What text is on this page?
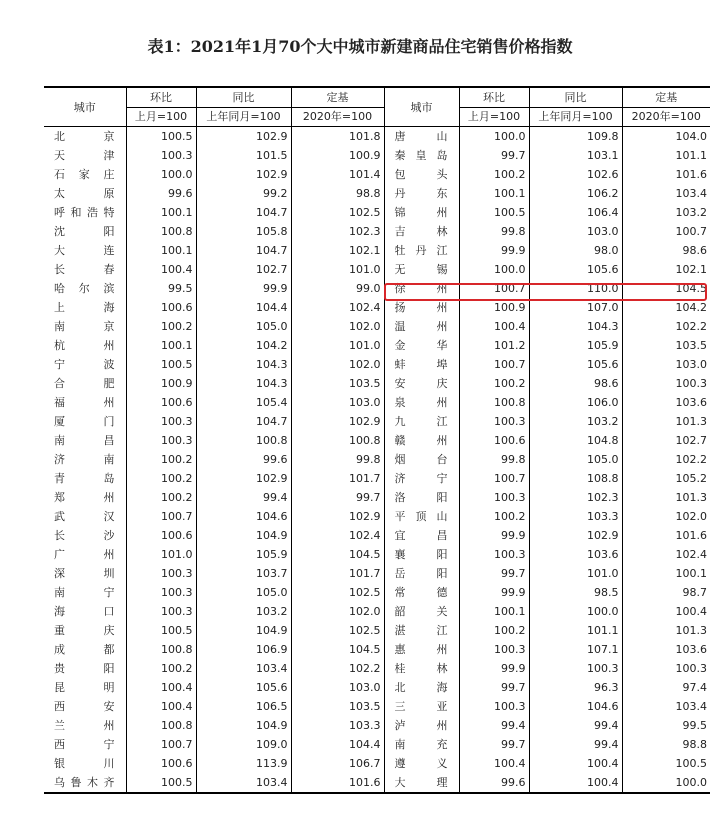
表1：2021年1月70个大中城市新建商品住宅销售价格指数
城市	环比	同比	定基	城市	环比	同比	定基
	上月=100	上年同月=100	2020年=100		上月=100	上年同月=100	2020年=100

北京	100.5	102.9	101.8	唐山	100.0	109.8	104.0

天津	100.3	101.5	100.9	秦皇岛	99.7	103.1	101.1

石家庄	100.0	102.9	101.4	包头	100.2	102.6	101.6

太原	99.6	99.2	98.8	丹东	100.1	106.2	103.4

呼和浩特	100.1	104.7	102.5	锦州	100.5	106.4	103.2

沈阳	100.8	105.8	102.3	吉林	99.8	103.0	100.7

大连	100.1	104.7	102.1	牡丹江	99.9	98.0	98.6

长春	100.4	102.7	101.0	无锡	100.0	105.6	102.1

哈尔滨	99.5	99.9	99.0	徐州	100.7	110.0	104.5

上海	100.6	104.4	102.4	扬州	100.9	107.0	104.2

南京	100.2	105.0	102.0	温州	100.4	104.3	102.2

杭州	100.1	104.2	101.0	金华	101.2	105.9	103.5

宁波	100.5	104.3	102.0	蚌埠	100.7	105.6	103.0

合肥	100.9	104.3	103.5	安庆	100.2	98.6	100.3

福州	100.6	105.4	103.0	泉州	100.8	106.0	103.6

厦门	100.3	104.7	102.9	九江	100.3	103.2	101.3

南昌	100.3	100.8	100.8	赣州	100.6	104.8	102.7

济南	100.2	99.6	99.8	烟台	99.8	105.0	102.2

青岛	100.2	102.9	101.7	济宁	100.7	108.8	105.2

郑州	100.2	99.4	99.7	洛阳	100.3	102.3	101.3

武汉	100.7	104.6	102.9	平顶山	100.2	103.3	102.0

长沙	100.6	104.9	102.4	宜昌	99.9	102.9	101.6

广州	101.0	105.9	104.5	襄阳	100.3	103.6	102.4

深圳	100.3	103.7	101.7	岳阳	99.7	101.0	100.1

南宁	100.3	105.0	102.5	常德	99.9	98.5	98.7

海口	100.3	103.2	102.0	韶关	100.1	100.0	100.4

重庆	100.5	104.9	102.5	湛江	100.2	101.1	101.3

成都	100.8	106.9	104.5	惠州	100.3	107.1	103.6

贵阳	100.2	103.4	102.2	桂林	99.9	100.3	100.3

昆明	100.4	105.6	103.0	北海	99.7	96.3	97.4

西安	100.4	106.5	103.5	三亚	100.3	104.6	103.4

兰州	100.8	104.9	103.3	泸州	99.4	99.4	99.5

西宁	100.7	109.0	104.4	南充	99.7	99.4	98.8

银川	100.6	113.9	106.7	遵义	100.4	100.4	100.5

乌鲁木齐	100.5	103.4	101.6	大理	99.6	100.4	100.0
